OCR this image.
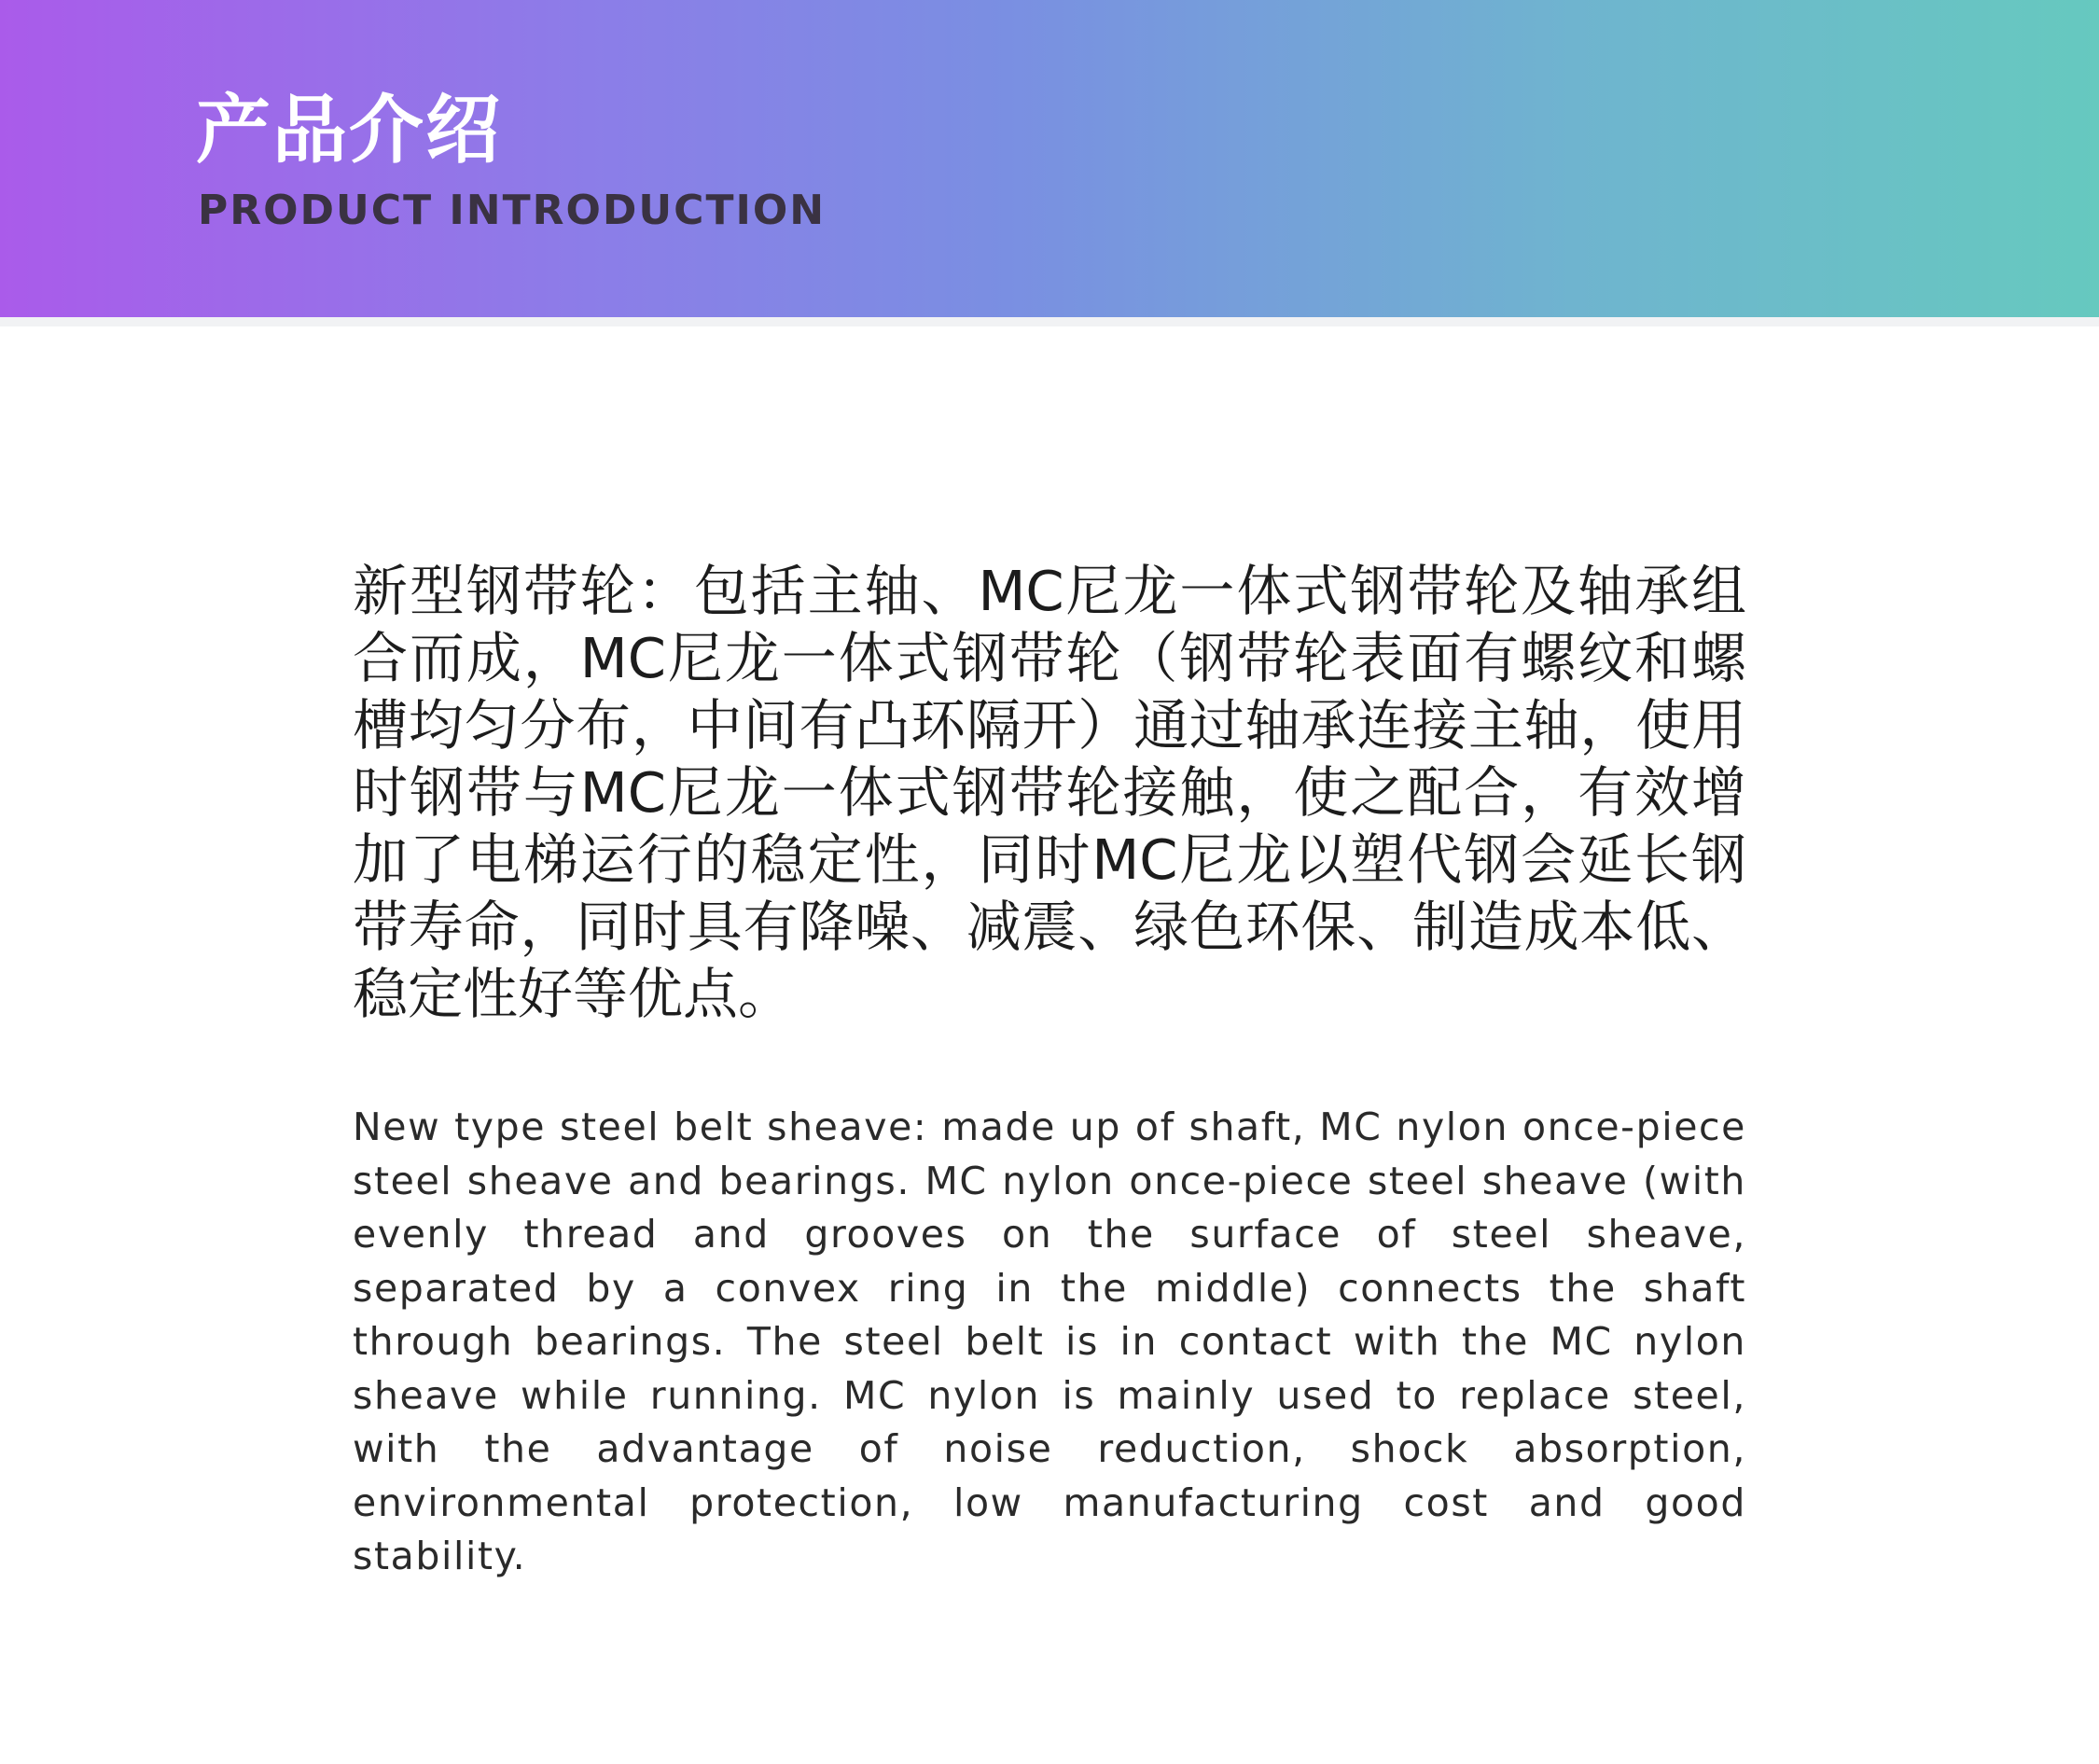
产品介绍
PRODUCT INTRODUCTION

新型钢带轮：包括主轴、MC尼龙一体式钢带轮及轴承组合而成，MC尼龙一体式钢带轮（钢带轮表面有螺纹和螺槽均匀分布，中间有凸环隔开）通过轴承连接主轴，使用时钢带与MC尼龙一体式钢带轮接触，使之配合，有效增加了电梯运行的稳定性，同时MC尼龙以塑代钢会延长钢带寿命，同时具有降噪、减震、绿色环保、制造成本低、稳定性好等优点。

New type steel belt sheave: made up of shaft, MC nylon once-piece steel sheave and bearings. MC nylon once-piece steel sheave (with evenly thread and grooves on the surface of steel sheave, separated by a convex ring in the middle) connects the shaft through bearings. The steel belt is in contact with the MC nylon sheave while running. MC nylon is mainly used to replace steel, with the advantage of noise reduction, shock absorption, environmental protection, low manufacturing cost and good stability.
